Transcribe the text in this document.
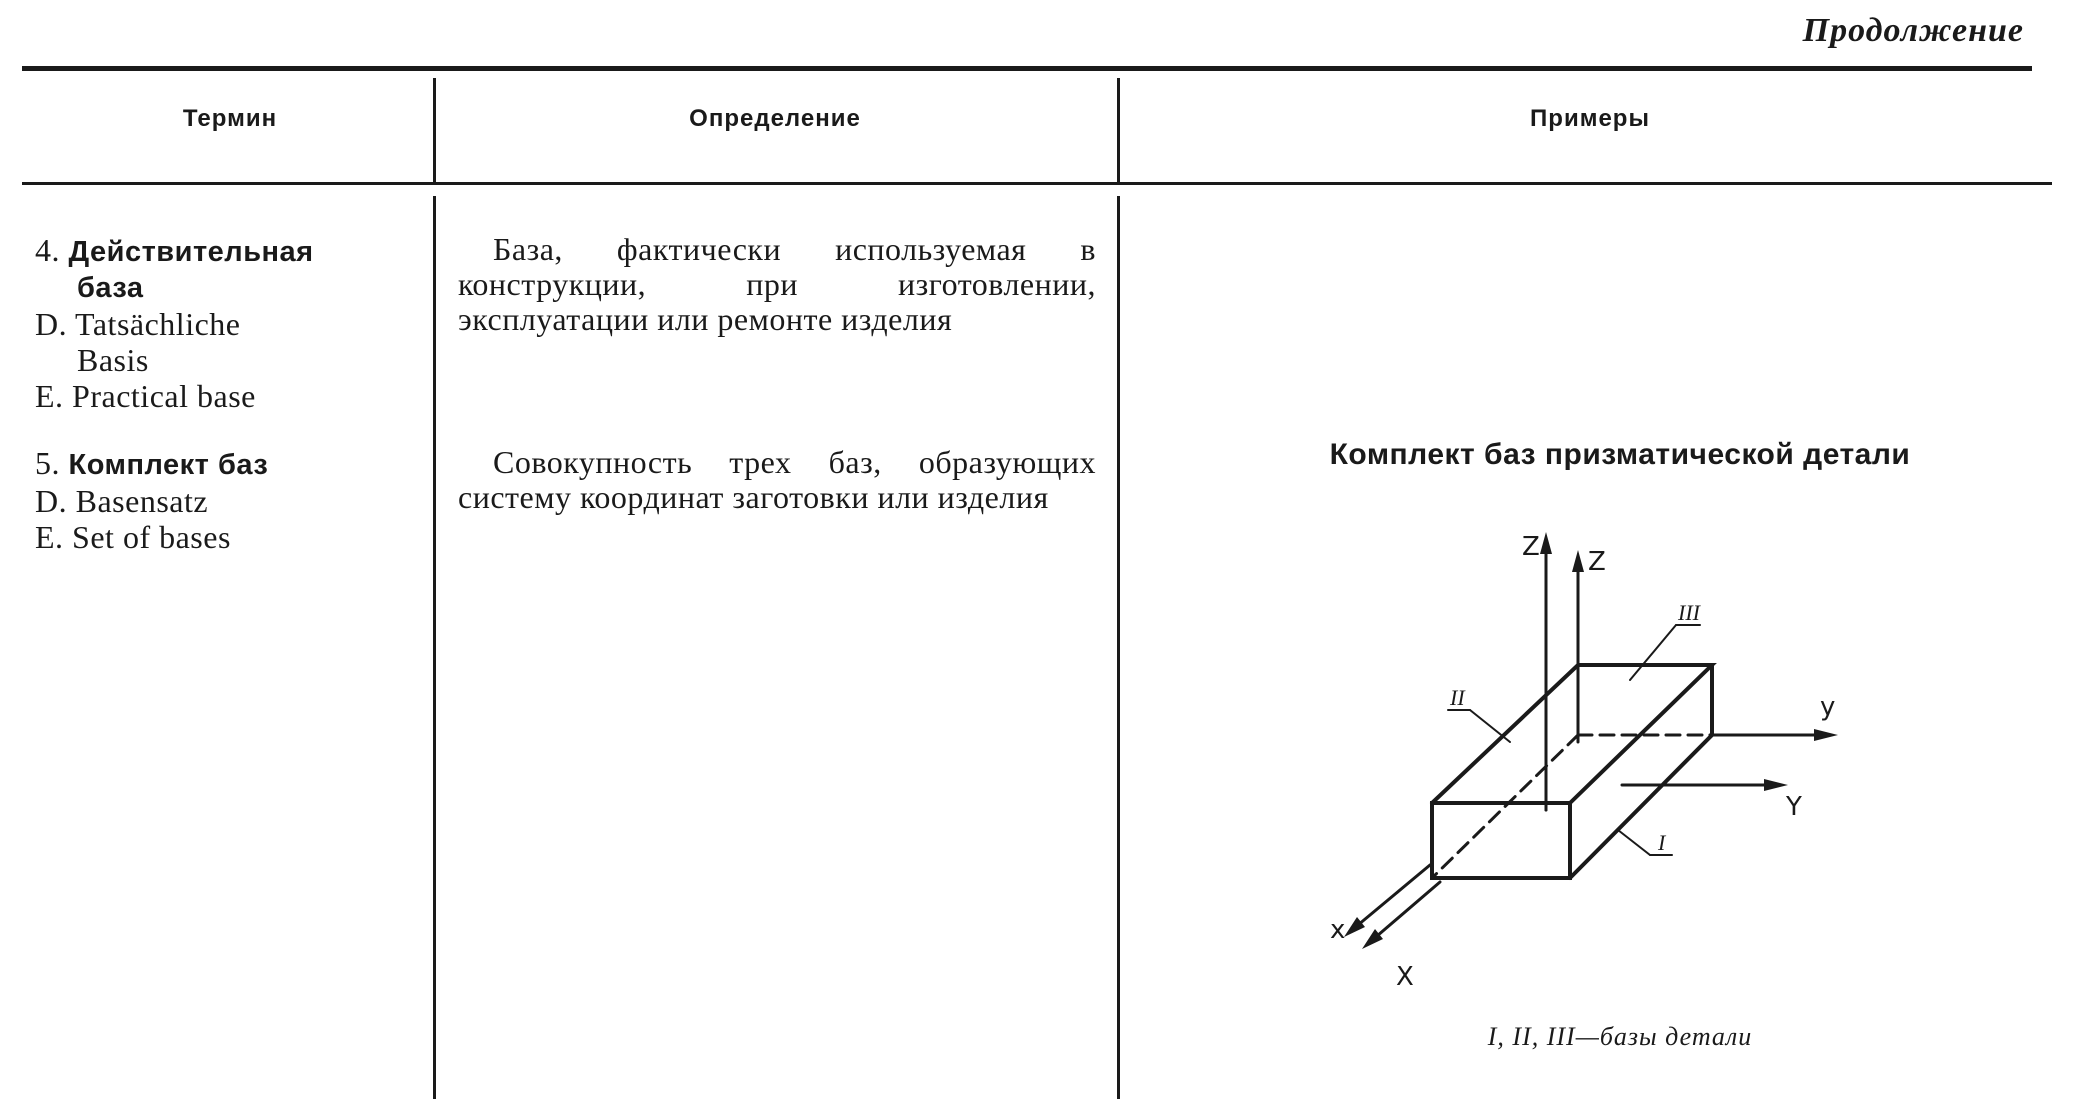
Продолжение
Термин	Определение	Примеры
4. Действительная
база
D. Tatsächliche
Basis
E. Practical base

База, фактически используемая в конструкции, при изготовлении, эксплуатации или ремонте изделия

5. Комплект баз
D. Basensatz
E. Set of bases

Совокупность трех баз, образующих систему координат заготовки или изделия

Комплект баз призматической детали
Z Z
y
Y
x
X
III
II
I
I, II, III—базы детали
